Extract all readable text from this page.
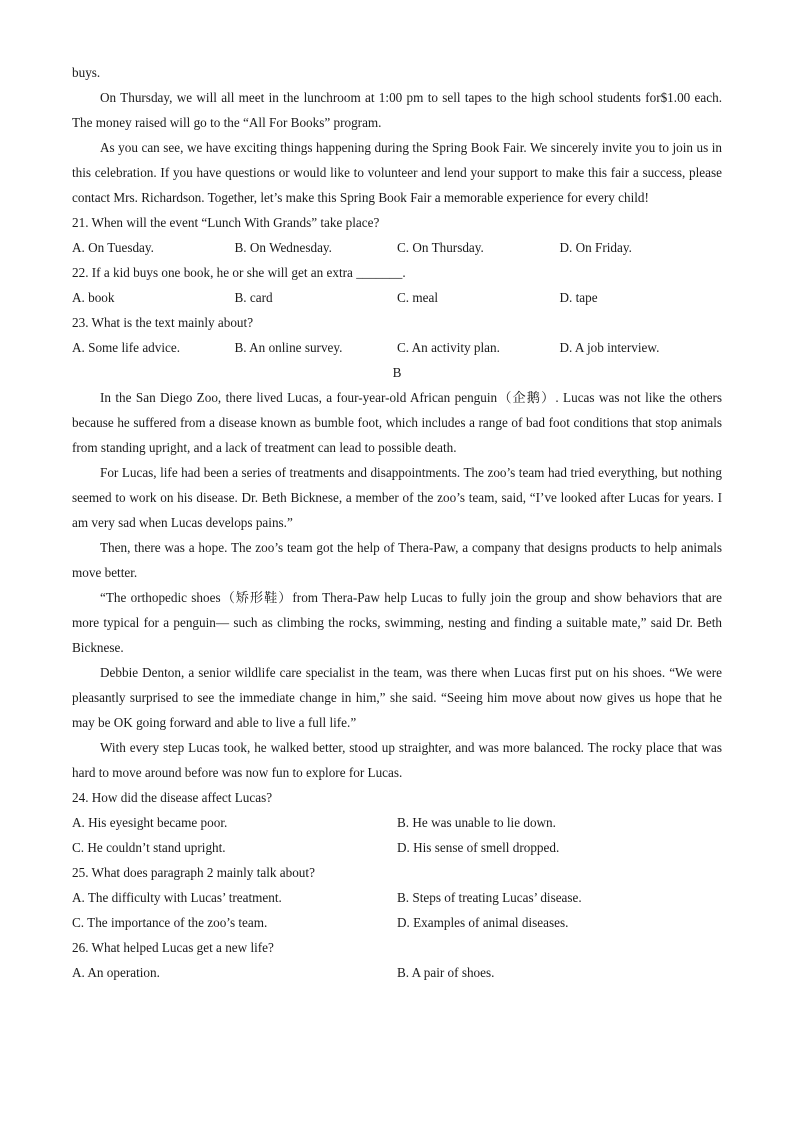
buys.
On Thursday, we will all meet in the lunchroom at 1:00 pm to sell tapes to the high school students for$1.00 each. The money raised will go to the “All For Books” program.
As you can see, we have exciting things happening during the Spring Book Fair. We sincerely invite you to join us in this celebration. If you have questions or would like to volunteer and lend your support to make this fair a success, please contact Mrs. Richardson. Together, let’s make this Spring Book Fair a memorable experience for every child!
21. When will the event “Lunch With Grands” take place?
A. On Tuesday.	B. On Wednesday.	C. On Thursday.	D. On Friday.
22. If a kid buys one book, he or she will get an extra _______.
A. book	B. card	C. meal	D. tape
23. What is the text mainly about?
A. Some life advice.	B. An online survey.	C. An activity plan.	D. A job interview.
B
In the San Diego Zoo, there lived Lucas, a four-year-old African penguin（企鹅）. Lucas was not like the others because he suffered from a disease known as bumble foot, which includes a range of bad foot conditions that stop animals from standing upright, and a lack of treatment can lead to possible death.
For Lucas, life had been a series of treatments and disappointments. The zoo’s team had tried everything, but nothing seemed to work on his disease. Dr. Beth Bicknese, a member of the zoo’s team, said, “I’ve looked after Lucas for years. I am very sad when Lucas develops pains.”
Then, there was a hope. The zoo’s team got the help of Thera-Paw, a company that designs products to help animals move better.
“The orthopedic shoes（矫形鞋）from Thera-Paw help Lucas to fully join the group and show behaviors that are more typical for a penguin— such as climbing the rocks, swimming, nesting and finding a suitable mate,” said Dr. Beth Bicknese.
Debbie Denton, a senior wildlife care specialist in the team, was there when Lucas first put on his shoes. “We were pleasantly surprised to see the immediate change in him,” she said. “Seeing him move about now gives us hope that he may be OK going forward and able to live a full life.”
With every step Lucas took, he walked better, stood up straighter, and was more balanced. The rocky place that was hard to move around before was now fun to explore for Lucas.
24. How did the disease affect Lucas?
A. His eyesight became poor.	B. He was unable to lie down.
C. He couldn’t stand upright.	D. His sense of smell dropped.
25. What does paragraph 2 mainly talk about?
A. The difficulty with Lucas’ treatment.	B. Steps of treating Lucas’ disease.
C. The importance of the zoo’s team.	D. Examples of animal diseases.
26. What helped Lucas get a new life?
A. An operation.	B. A pair of shoes.
